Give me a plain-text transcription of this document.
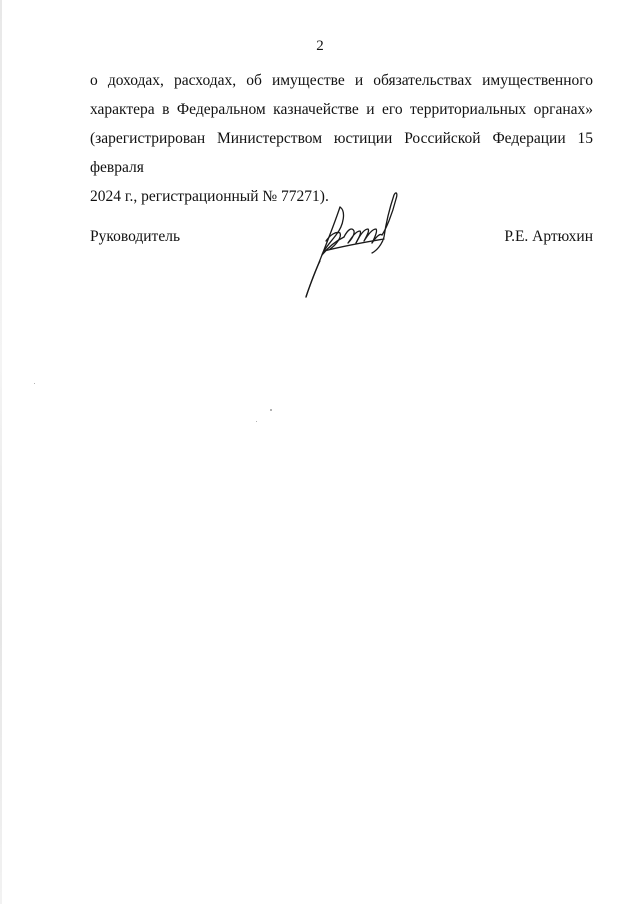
2
о доходах, расходах, об имуществе и обязательствах имущественного
характера в Федеральном казначействе и его территориальных органах»
(зарегистрирован Министерством юстиции Российской Федерации 15 февраля
2024 г., регистрационный № 77271).
Руководитель	Р.Е. Артюхин
